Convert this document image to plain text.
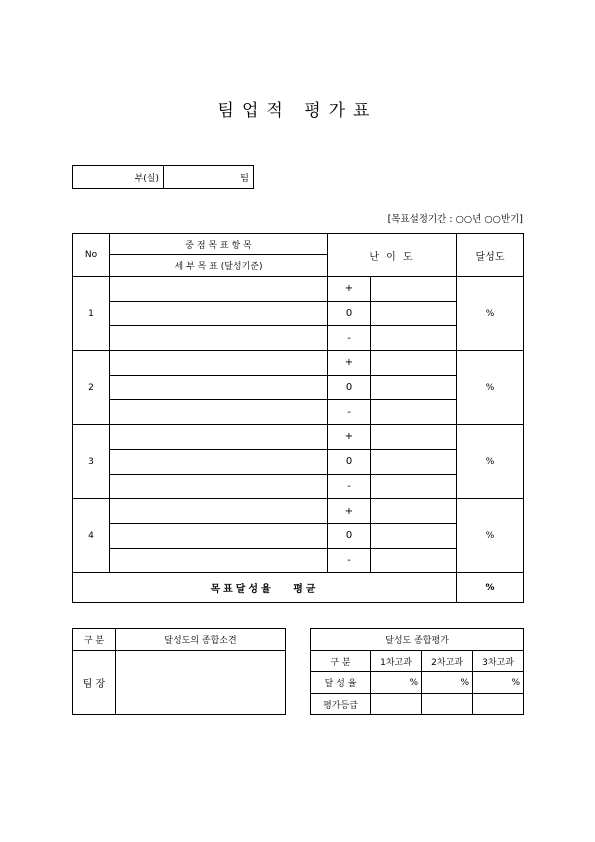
팀업적 평가표
부(실)	팀
[목표설정기간 : ○○년 ○○반기]
No	중 점 목 표 항 목	난 이 도		달성도
	세 부 목 표 (달성기준)			
1		+		%
		0		
		-		
2		+		%
		0		
		-		
3		+		%
		0		
		-		
4		+		%
		0		
		-		
목표달성율   평균				%
구 분	달성도의 종합소견
팀 장	
달성도 종합평가			
구 분	1차고과	2차고과	3차고과
달 성 율	%	%	%
평가등급			
